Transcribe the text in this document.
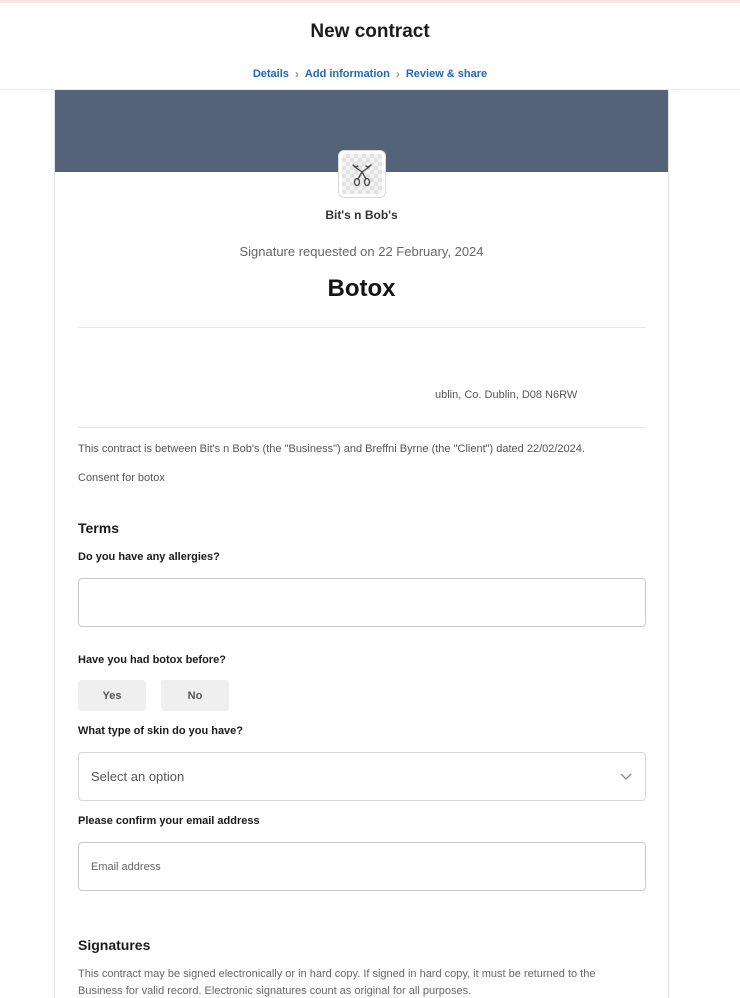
New contract
Details › Add information › Review & share
Bit's n Bob's
Signature requested on 22 February, 2024
Botox
ublin, Co. Dublin, D08 N6RW
This contract is between Bit's n Bob's (the "Business") and Breffni Byrne (the "Client") dated 22/02/2024.
Consent for botox
Terms
Do you have any allergies?
Have you had botox before?
Yes	No
What type of skin do you have?
Select an option
Please confirm your email address
Email address
Signatures

This contract may be signed electronically or in hard copy. If signed in hard copy, it must be returned to the Business for valid record. Electronic signatures count as original for all purposes.
